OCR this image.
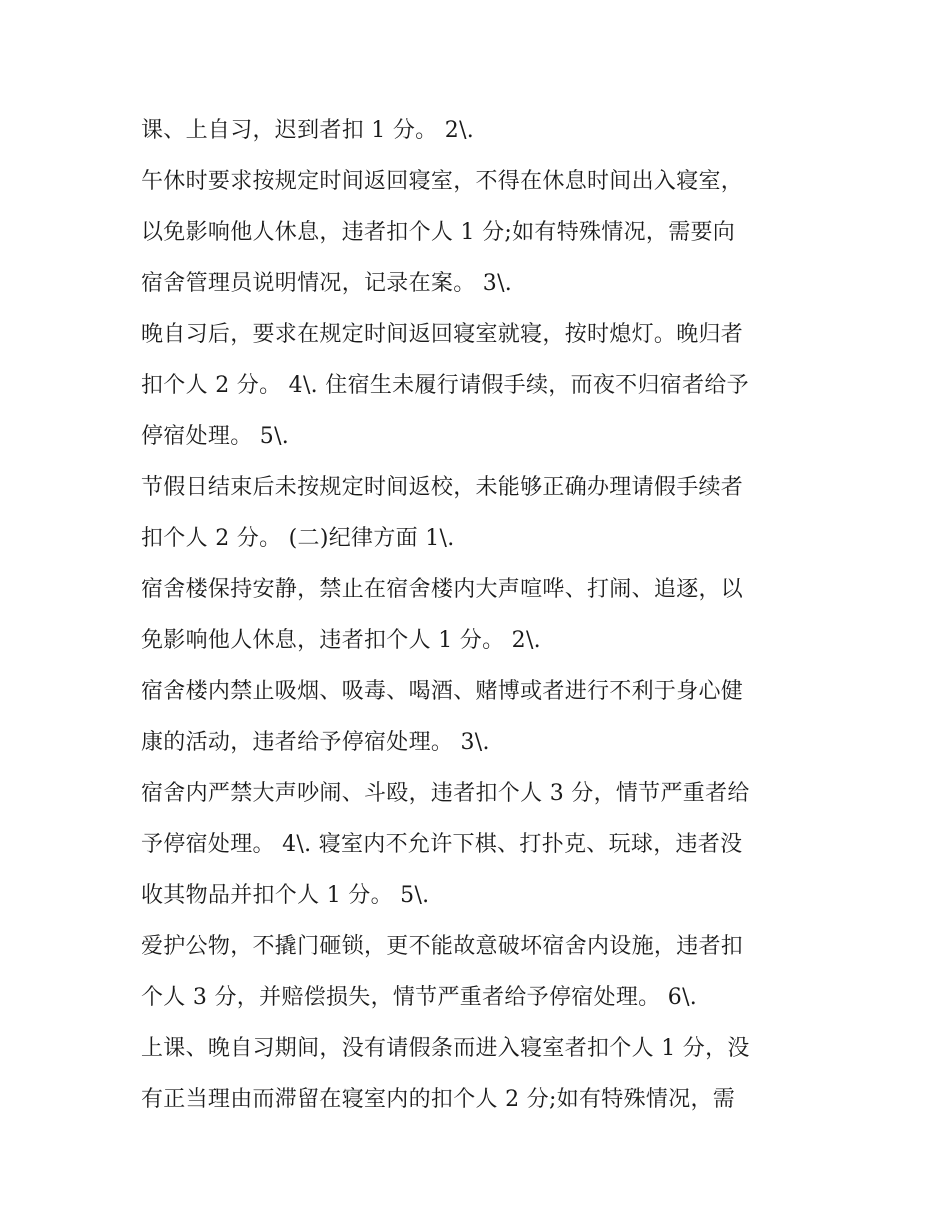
课、上自习，迟到者扣 1 分。 2\.
午休时要求按规定时间返回寝室，不得在休息时间出入寝室，
以免影响他人休息，违者扣个人 1 分;如有特殊情况，需要向
宿舍管理员说明情况，记录在案。 3\.
晚自习后，要求在规定时间返回寝室就寝，按时熄灯。晚归者
扣个人 2 分。 4\. 住宿生未履行请假手续，而夜不归宿者给予
停宿处理。 5\.
节假日结束后未按规定时间返校，未能够正确办理请假手续者
扣个人 2 分。 (二)纪律方面 1\.
宿舍楼保持安静，禁止在宿舍楼内大声喧哗、打闹、追逐，以
免影响他人休息，违者扣个人 1 分。 2\.
宿舍楼内禁止吸烟、吸毒、喝酒、赌博或者进行不利于身心健
康的活动，违者给予停宿处理。 3\.
宿舍内严禁大声吵闹、斗殴，违者扣个人 3 分，情节严重者给
予停宿处理。 4\. 寝室内不允许下棋、打扑克、玩球，违者没
收其物品并扣个人 1 分。 5\.
爱护公物，不撬门砸锁，更不能故意破坏宿舍内设施，违者扣
个人 3 分，并赔偿损失，情节严重者给予停宿处理。 6\.
上课、晚自习期间，没有请假条而进入寝室者扣个人 1 分，没
有正当理由而滞留在寝室内的扣个人 2 分;如有特殊情况，需
